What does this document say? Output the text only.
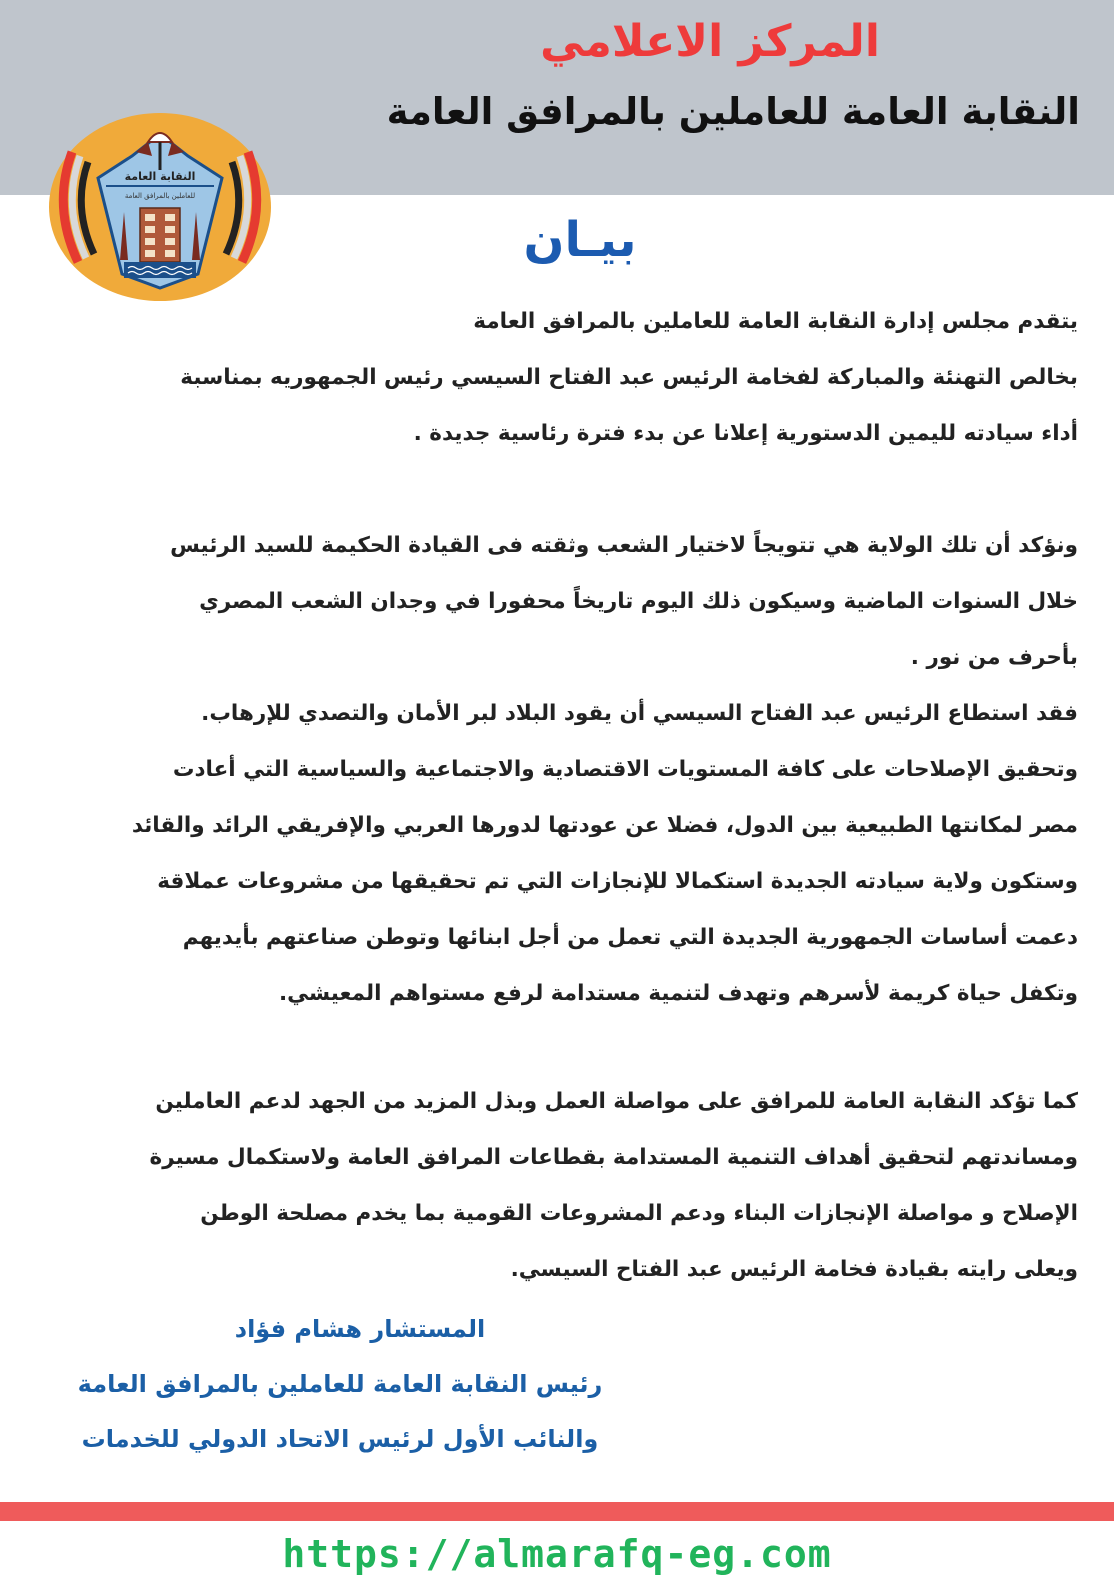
المركز الاعلامي
النقابة العامة للعاملين بالمرافق العامة
النقابة العامة
للعاملين بالمرافق العامة
بيـان
يتقدم مجلس إدارة النقابة العامة للعاملين بالمرافق العامة
بخالص التهنئة والمباركة لفخامة الرئيس عبد الفتاح السيسي رئيس الجمهوريه بمناسبة
أداء سيادته لليمين الدستورية إعلانا عن بدء فترة رئاسية جديدة .
ونؤكد أن تلك الولاية هي تتويجاً لاختيار الشعب وثقته فى القيادة الحكيمة للسيد الرئيس
خلال السنوات الماضية وسيكون ذلك اليوم تاريخاً محفورا في وجدان الشعب المصري
بأحرف من نور .
فقد استطاع الرئيس عبد الفتاح السيسي أن يقود البلاد لبر الأمان والتصدي للإرهاب.
وتحقيق الإصلاحات على كافة المستويات الاقتصادية والاجتماعية والسياسية التي أعادت
مصر لمكانتها الطبيعية بين الدول، فضلا عن عودتها لدورها العربي والإفريقي الرائد والقائد
وستكون ولاية سيادته الجديدة استكمالا للإنجازات التي تم تحقيقها من مشروعات عملاقة
دعمت أساسات الجمهورية الجديدة التي تعمل من أجل ابنائها وتوطن صناعتهم بأيديهم
وتكفل حياة كريمة لأسرهم وتهدف لتنمية مستدامة لرفع مستواهم المعيشي.
كما تؤكد النقابة العامة للمرافق على مواصلة العمل وبذل المزيد من الجهد لدعم العاملين
ومساندتهم لتحقيق أهداف التنمية المستدامة بقطاعات المرافق العامة ولاستكمال مسيرة
الإصلاح و مواصلة الإنجازات البناء ودعم المشروعات القومية بما يخدم مصلحة الوطن
ويعلى رايته بقيادة فخامة الرئيس عبد الفتاح السيسي.
المستشار هشام فؤاد
رئيس النقابة العامة للعاملين بالمرافق العامة
والنائب الأول لرئيس الاتحاد الدولي للخدمات
https://almarafq-eg.com
